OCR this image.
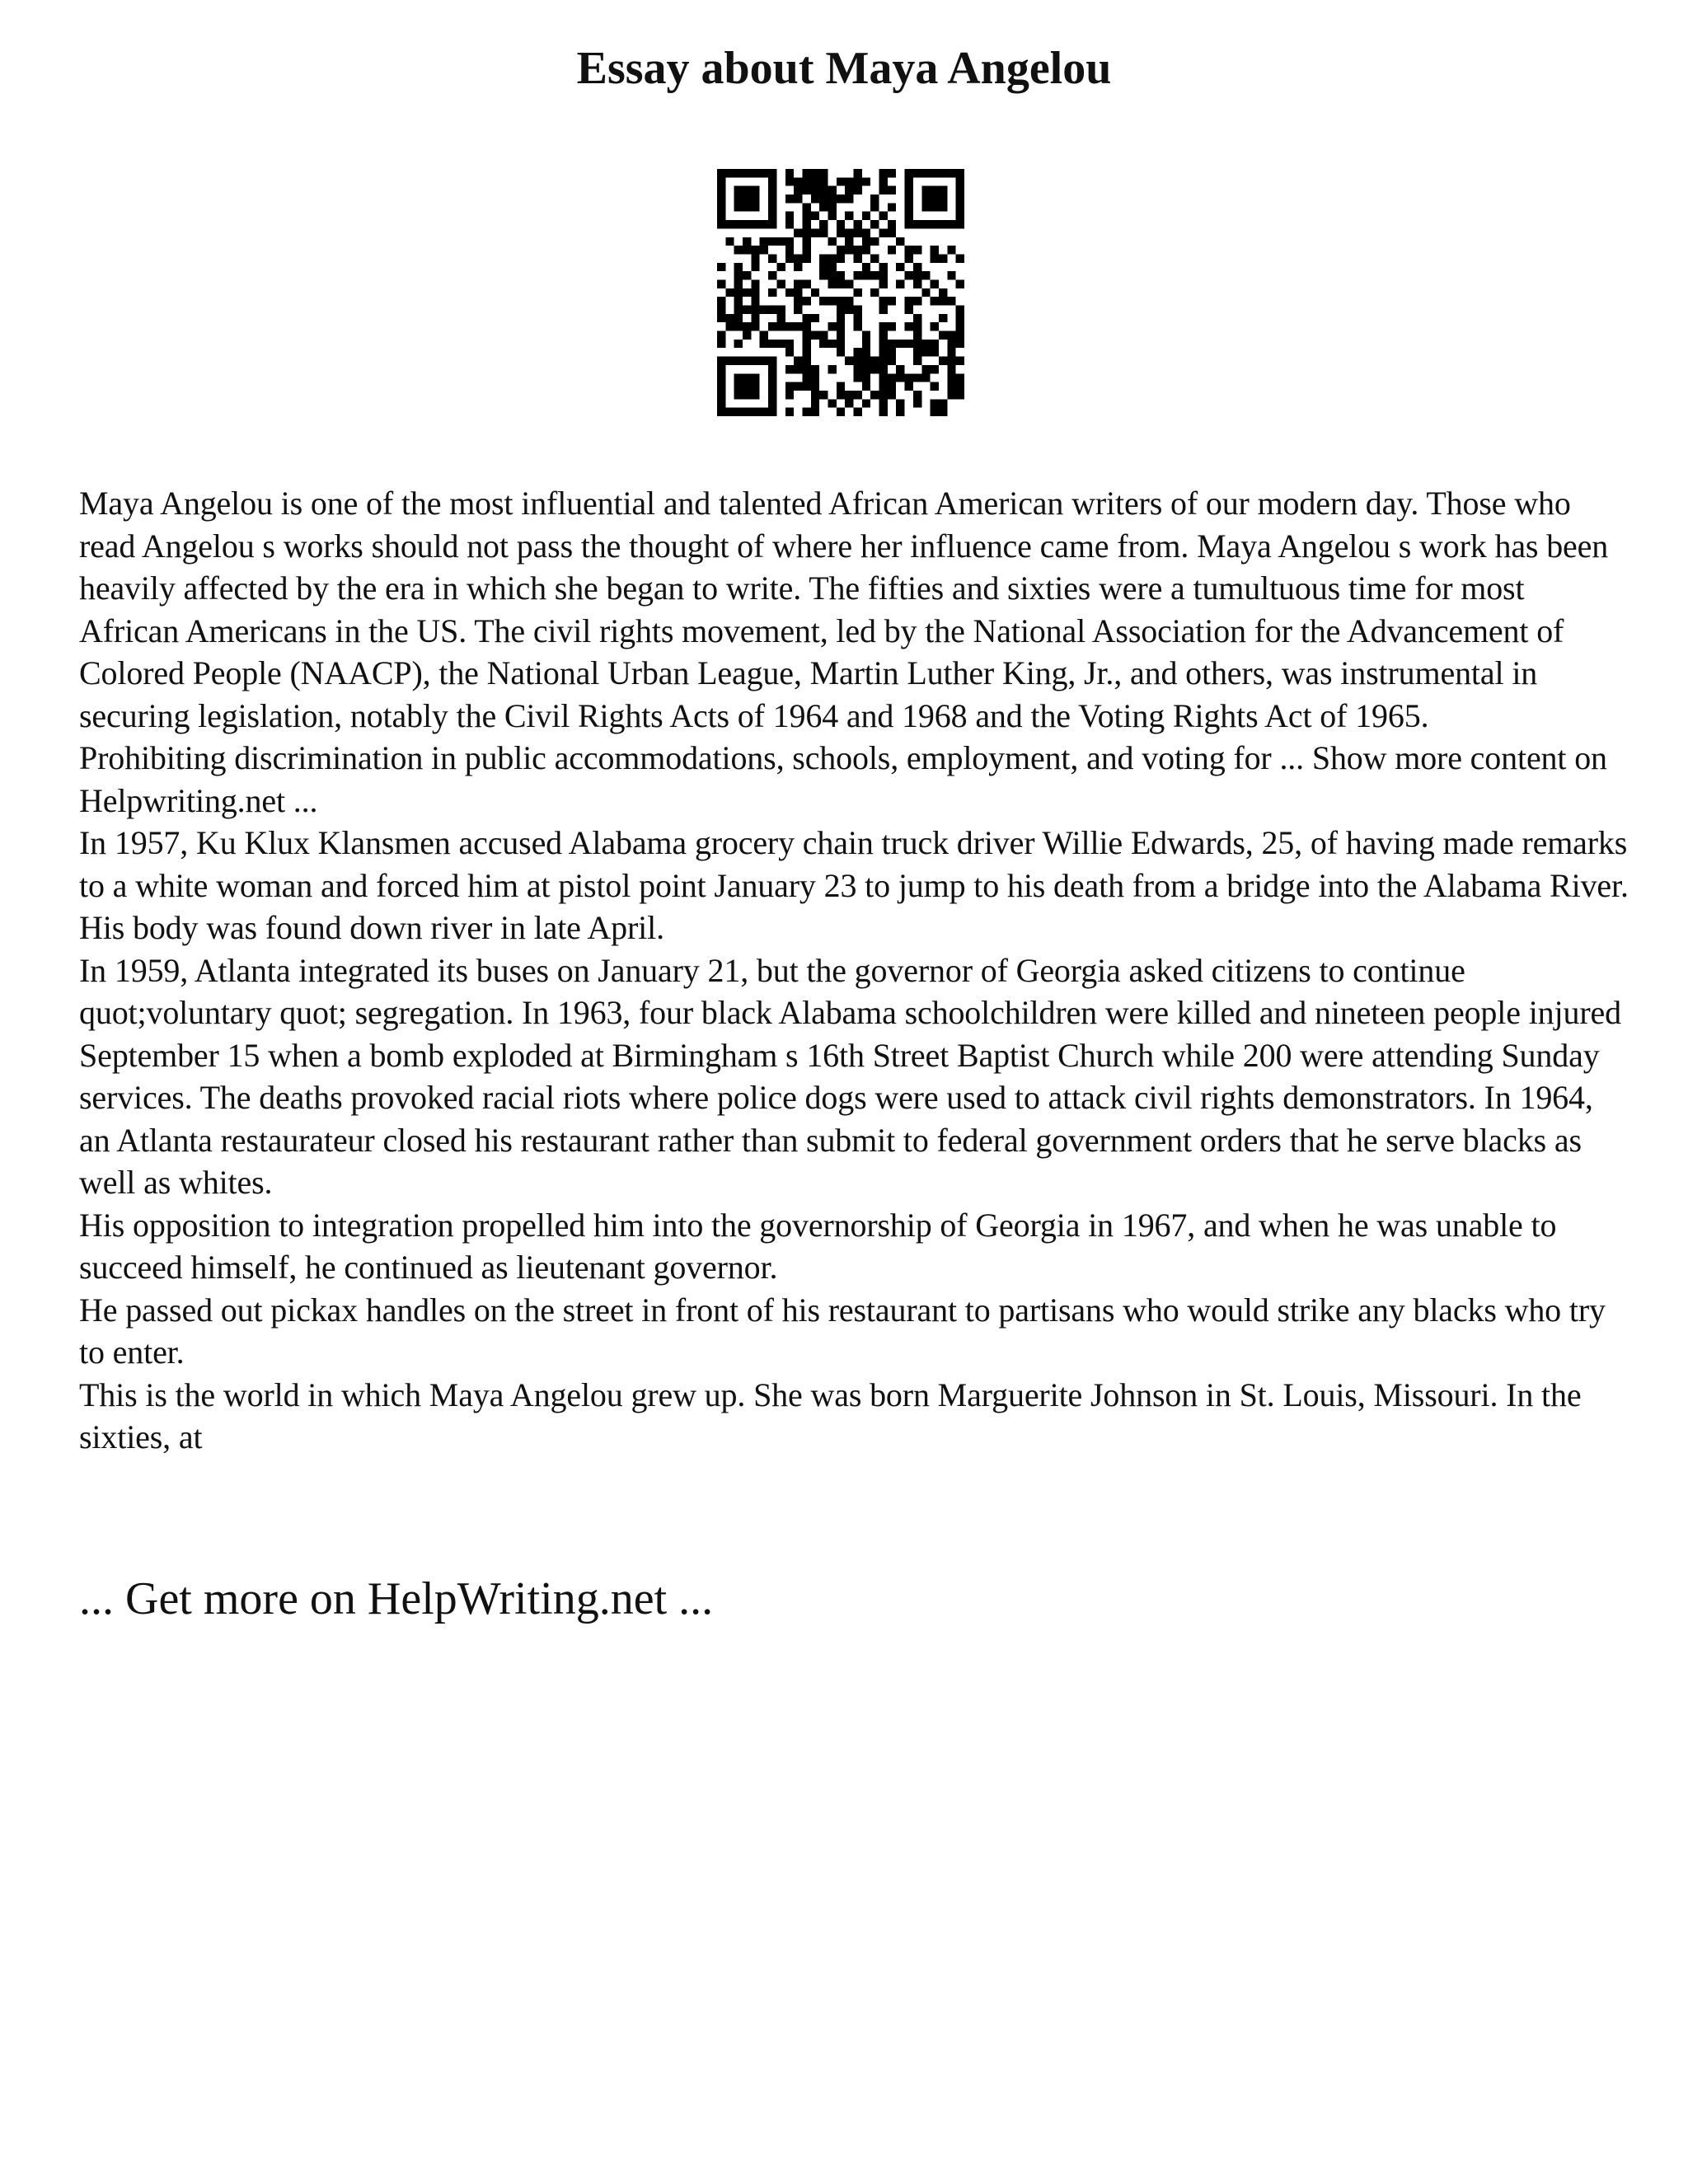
Essay about Maya Angelou

Maya Angelou is one of the most influential and talented African American writers of our modern day. Those who read Angelou s works should not pass the thought of where her influence came from. Maya Angelou s work has been heavily affected by the era in which she began to write. The fifties and sixties were a tumultuous time for most African Americans in the US. The civil rights movement, led by the National Association for the Advancement of Colored People (NAACP), the National Urban League, Martin Luther King, Jr., and others, was instrumental in securing legislation, notably the Civil Rights Acts of 1964 and 1968 and the Voting Rights Act of 1965.

Prohibiting discrimination in public accommodations, schools, employment, and voting for ... Show more content on Helpwriting.net ...

In 1957, Ku Klux Klansmen accused Alabama grocery chain truck driver Willie Edwards, 25, of having made remarks to a white woman and forced him at pistol point January 23 to jump to his death from a bridge into the Alabama River. His body was found down river in late April.

In 1959, Atlanta integrated its buses on January 21, but the governor of Georgia asked citizens to continue quot;voluntary quot; segregation. In 1963, four black Alabama schoolchildren were killed and nineteen people injured September 15 when a bomb exploded at Birmingham s 16th Street Baptist Church while 200 were attending Sunday services. The deaths provoked racial riots where police dogs were used to attack civil rights demonstrators. In 1964, an Atlanta restaurateur closed his restaurant rather than submit to federal government orders that he serve blacks as well as whites.

His opposition to integration propelled him into the governorship of Georgia in 1967, and when he was unable to succeed himself, he continued as lieutenant governor.

He passed out pickax handles on the street in front of his restaurant to partisans who would strike any blacks who try to enter.

This is the world in which Maya Angelou grew up. She was born Marguerite Johnson in St. Louis, Missouri. In the sixties, at

... Get more on HelpWriting.net ...
